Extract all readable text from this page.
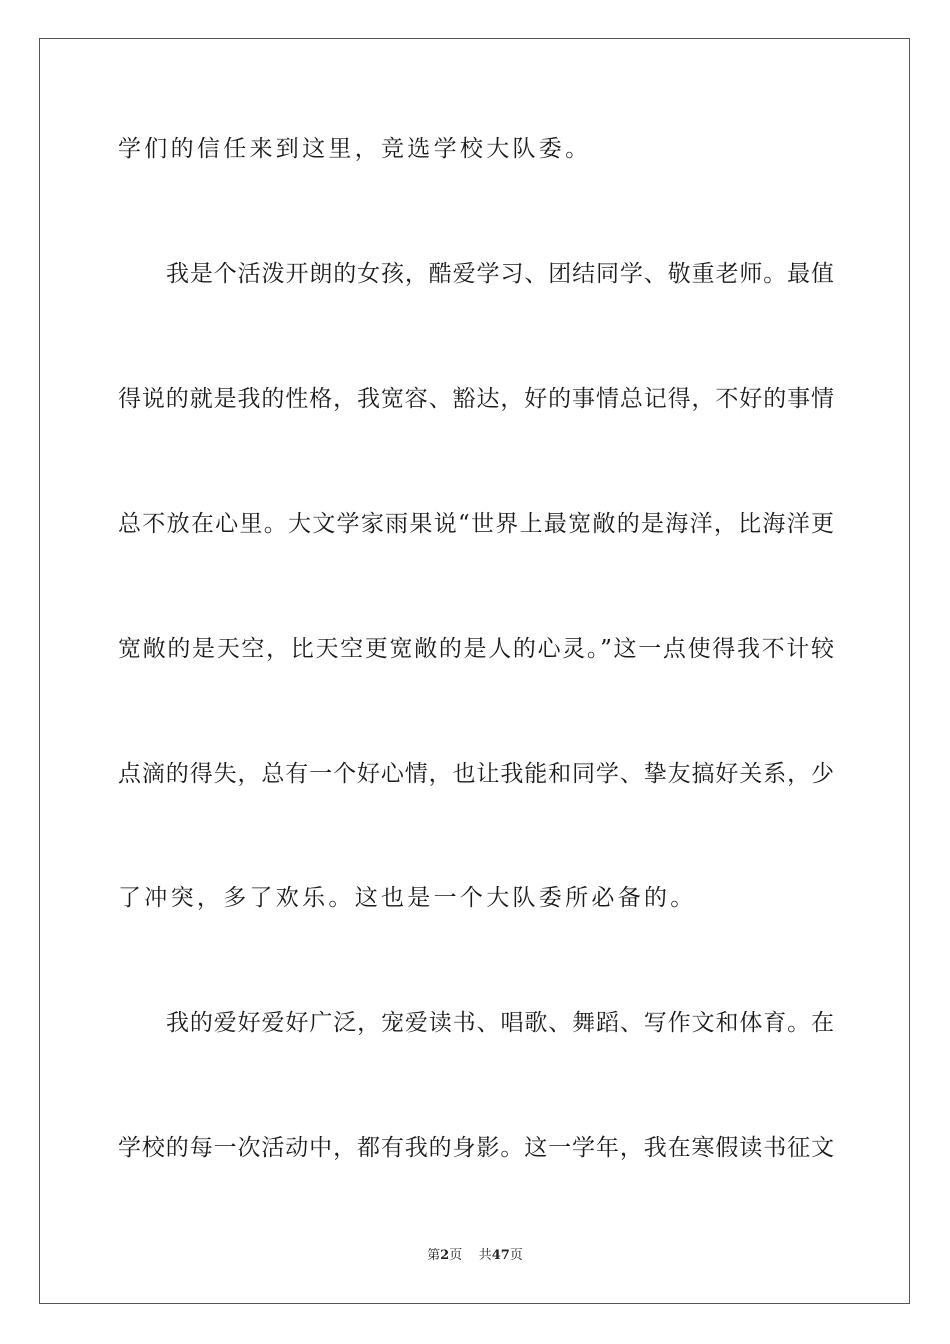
学们的信任来到这里，竞选学校大队委。
我是个活泼开朗的女孩，酷爱学习、团结同学、敬重老师。最值
得说的就是我的性格，我宽容、豁达，好的事情总记得，不好的事情
总不放在心里。大文学家雨果说“世界上最宽敞的是海洋，比海洋更
宽敞的是天空，比天空更宽敞的是人的心灵。”这一点使得我不计较
点滴的得失，总有一个好心情，也让我能和同学、挚友搞好关系，少
了冲突，多了欢乐。这也是一个大队委所必备的。
我的爱好爱好广泛，宠爱读书、唱歌、舞蹈、写作文和体育。在
学校的每一次活动中，都有我的身影。这一学年，我在寒假读书征文
第2页 共47页
